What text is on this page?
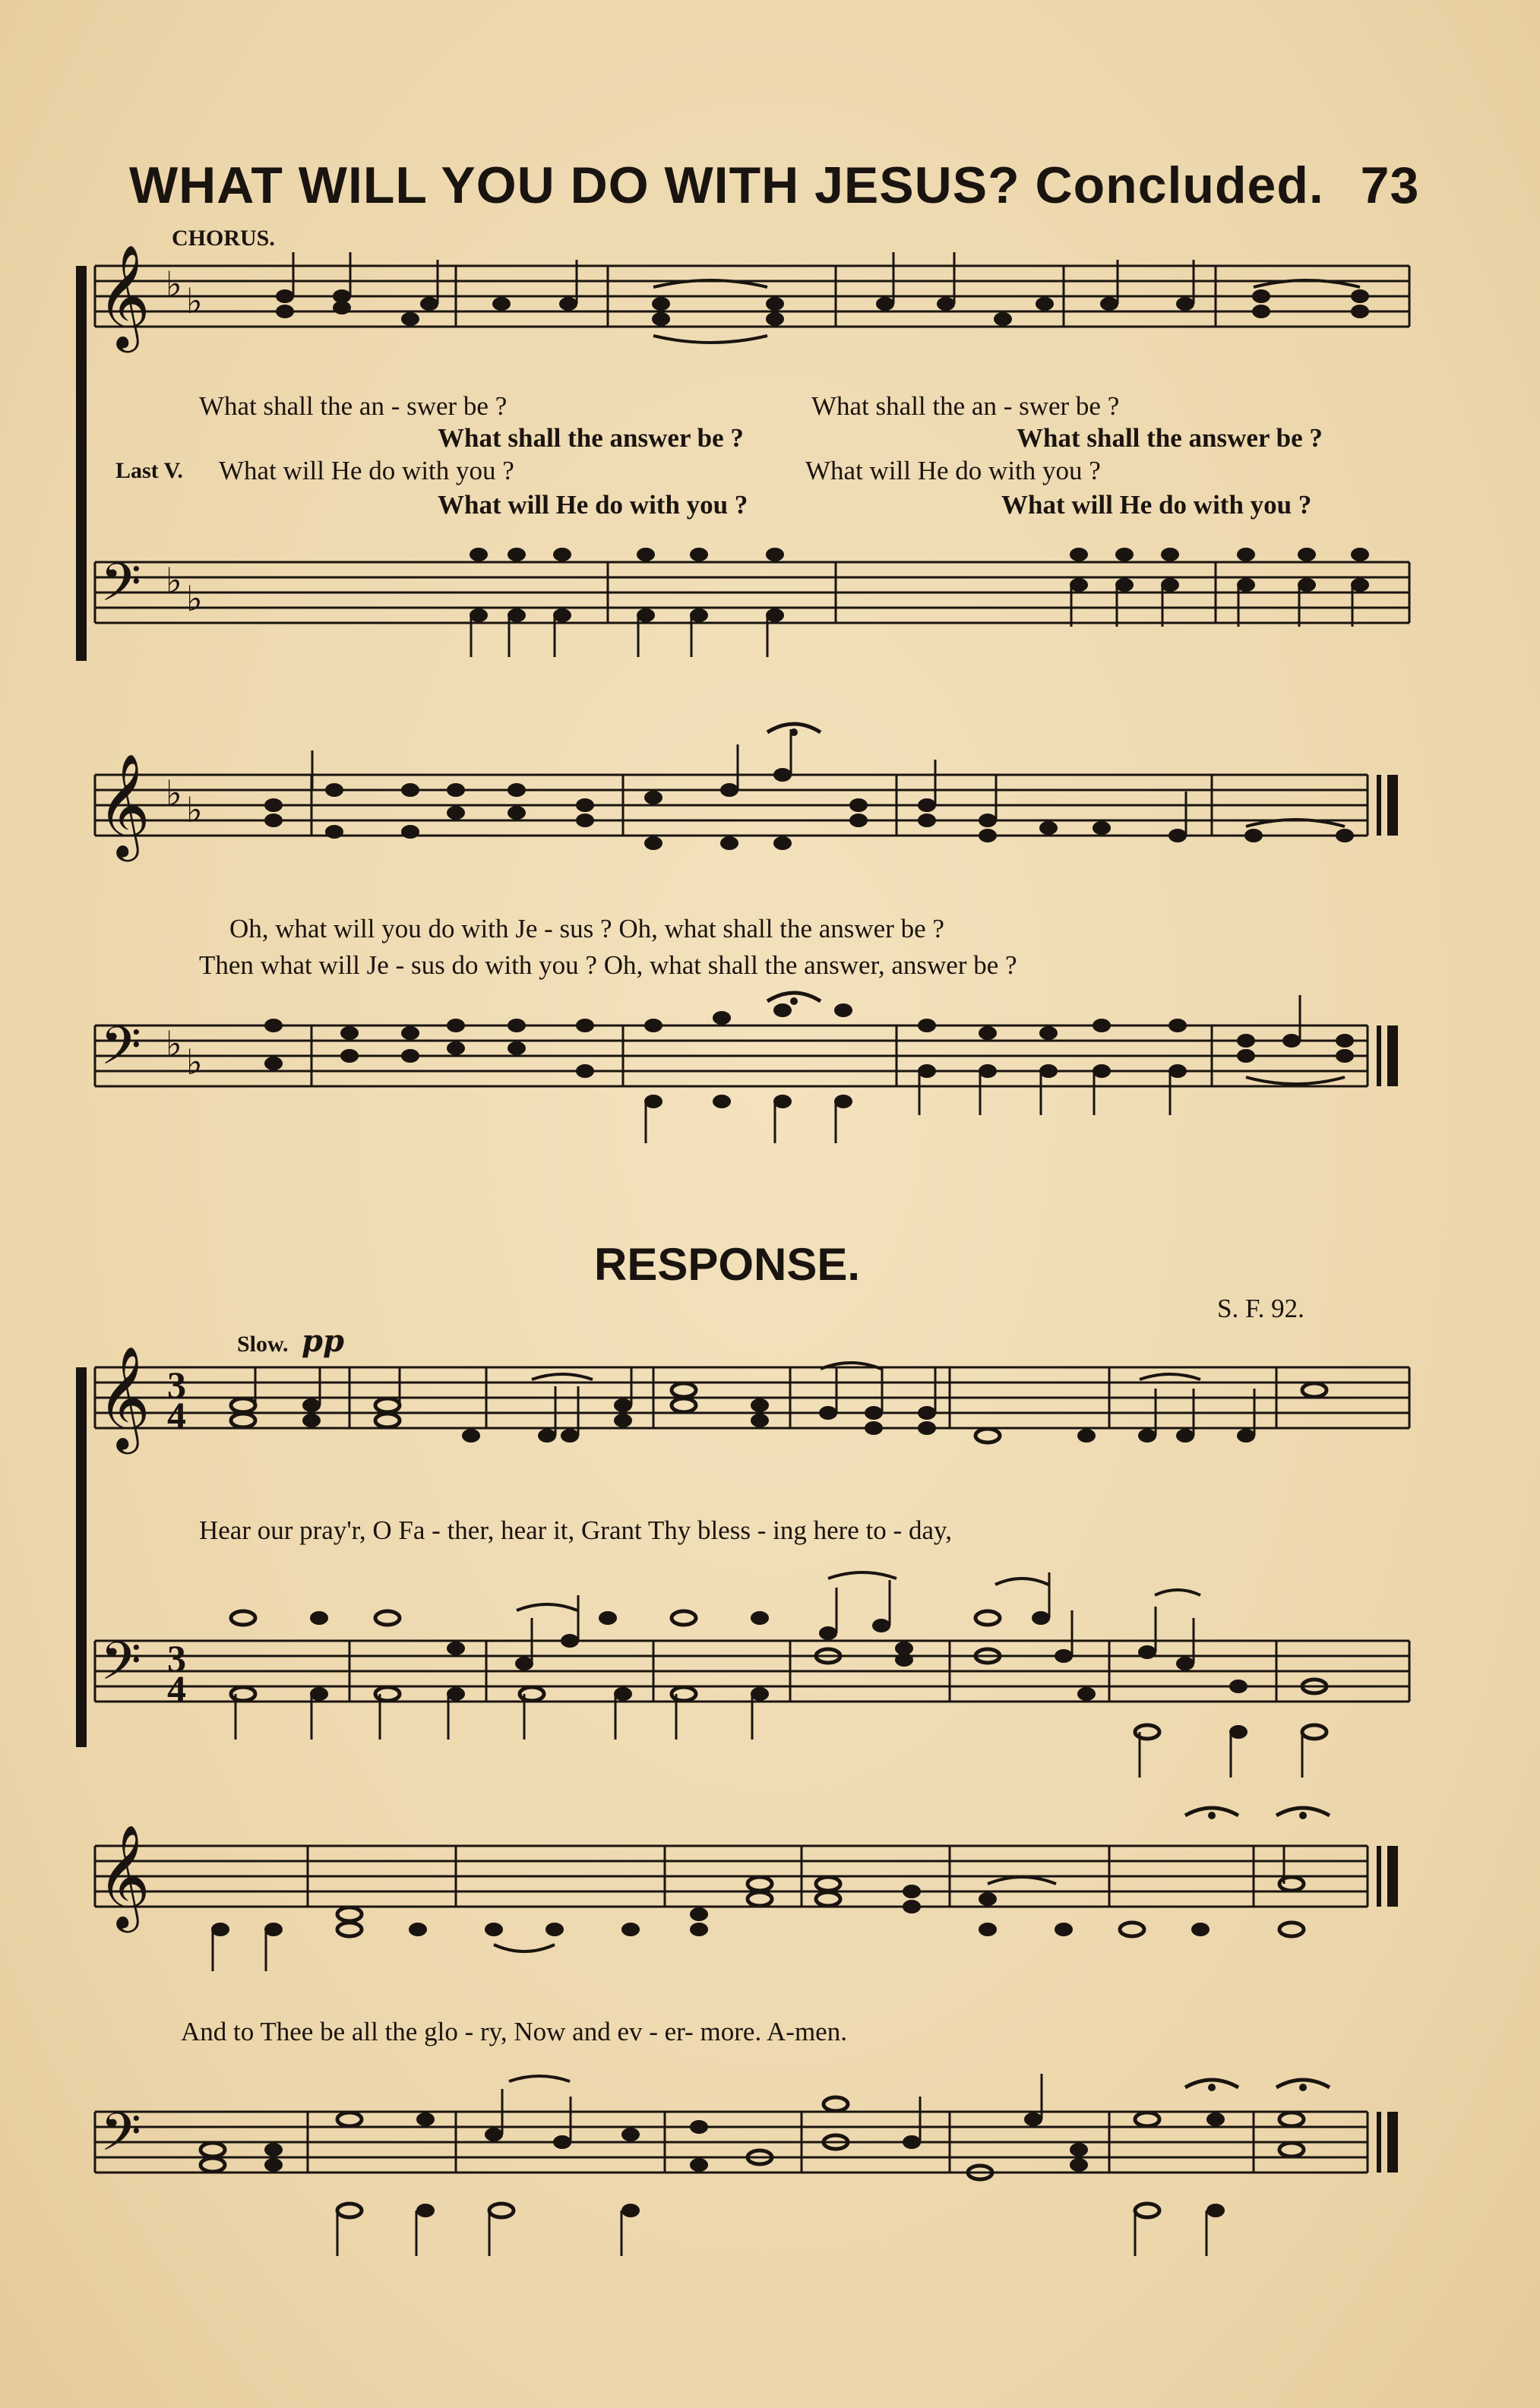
WHAT WILL YOU DO WITH JESUS? Concluded. 73
CHORUS.
𝄞 ♭ ♭
What shall the an - swer be ?	What shall the an - swer be ?
What shall the answer be ?	What shall the answer be ?
Last V. What will He do with you ?	What will He do with you ?
What will He do with you ?	What will He do with you ?
𝄢 ♭ ♭
𝄞 ♭ ♭
Oh, what will you do with Je - sus ? Oh, what shall the answer be ?
Then what will Je - sus do with you ? Oh, what shall the answer, answer be ?
𝄢 ♭ ♭
RESPONSE.
S. F. 92.
Slow. pp
𝄞 3
4
Hear our pray'r, O Fa - ther, hear it, Grant Thy bless - ing here to - day,
𝄢 3
4
𝄞
And to Thee be all the glo - ry, Now and ev - er- more. A-men.
𝄢
